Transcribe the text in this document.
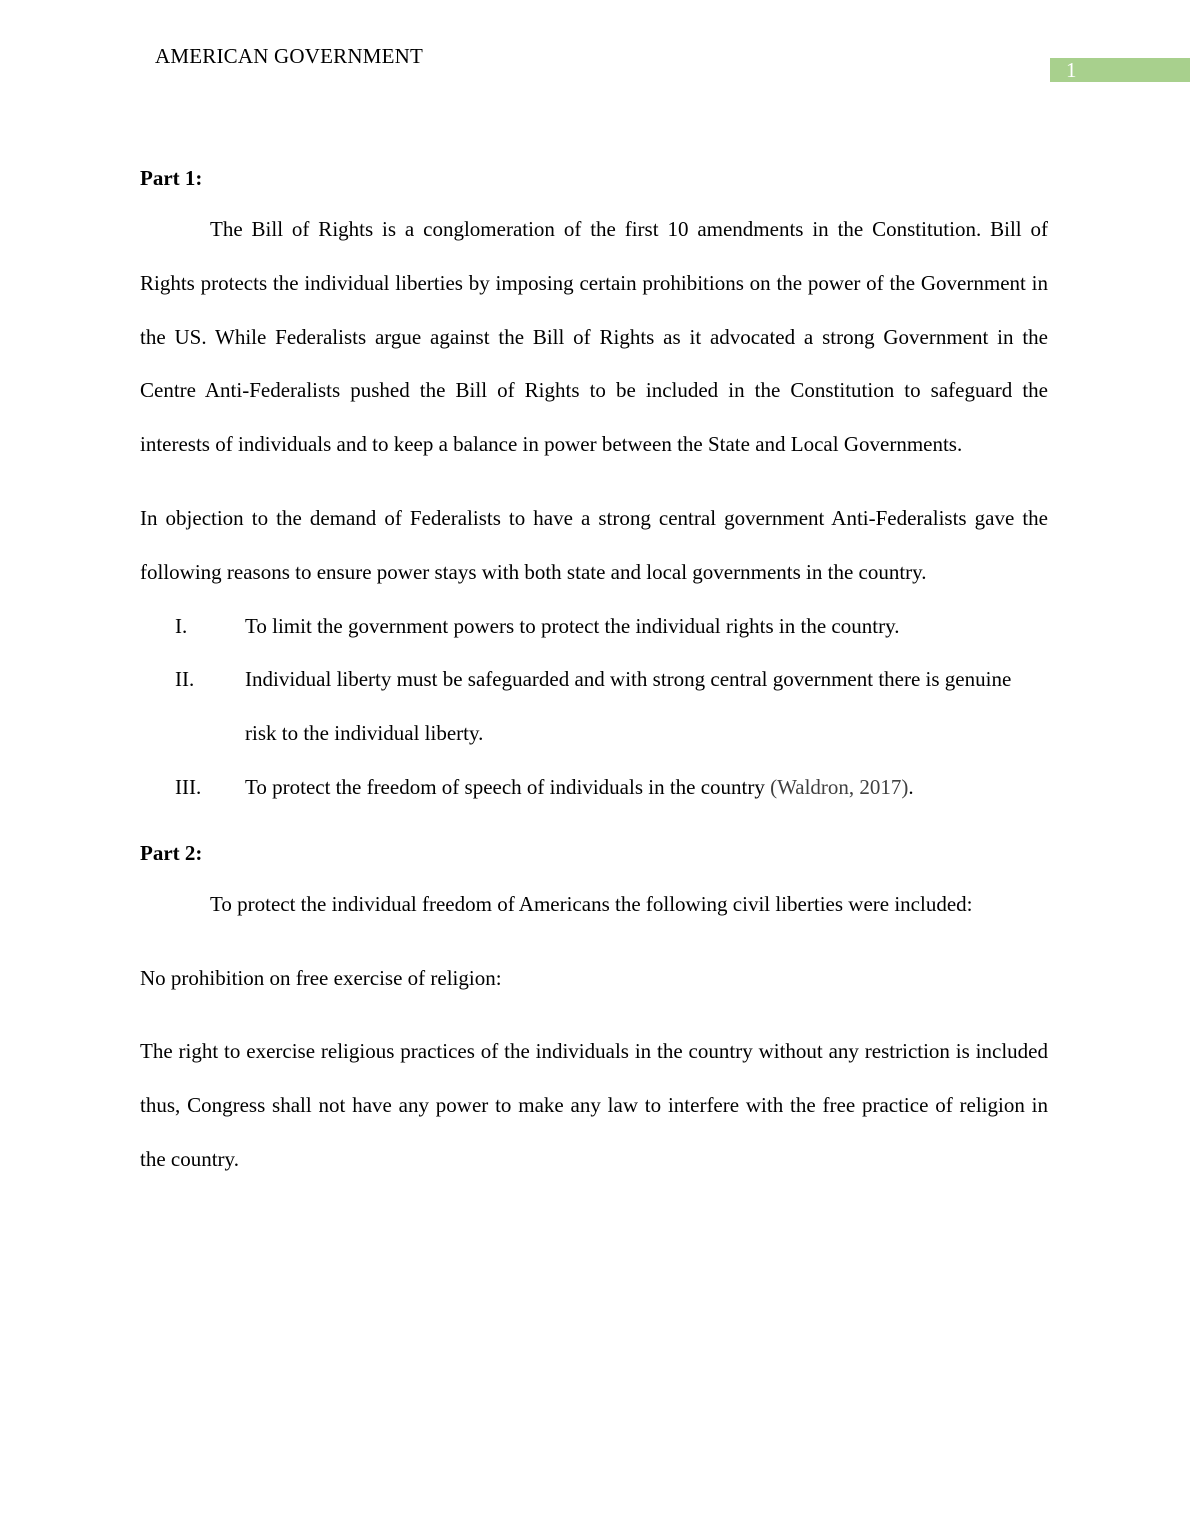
AMERICAN GOVERNMENT
1

Part 1:

The Bill of Rights is a conglomeration of the first 10 amendments in the Constitution. Bill of Rights protects the individual liberties by imposing certain prohibitions on the power of the Government in the US. While Federalists argue against the Bill of Rights as it advocated a strong Government in the Centre Anti-Federalists pushed the Bill of Rights to be included in the Constitution to safeguard the interests of individuals and to keep a balance in power between the State and Local Governments.

In objection to the demand of Federalists to have a strong central government Anti-Federalists gave the following reasons to ensure power stays with both state and local governments in the country.

I.	To limit the government powers to protect the individual rights in the country.
II. Individual liberty must be safeguarded and with strong central government there is genuine risk to the individual liberty.
III. To protect the freedom of speech of individuals in the country (Waldron, 2017).

Part 2:

To protect the individual freedom of Americans the following civil liberties were included:

No prohibition on free exercise of religion:

The right to exercise religious practices of the individuals in the country without any restriction is included thus, Congress shall not have any power to make any law to interfere with the free practice of religion in the country.
